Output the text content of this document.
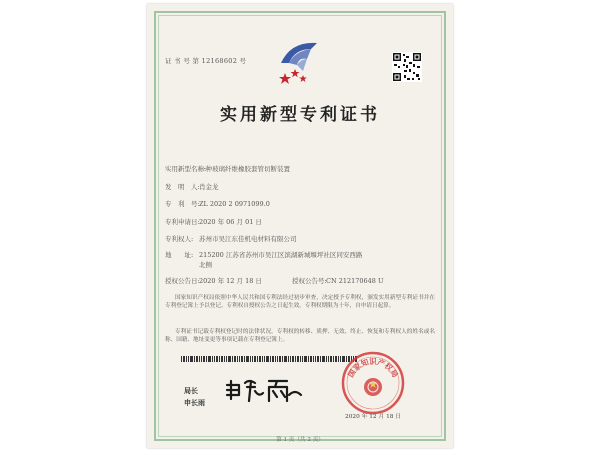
证 书 号 第 12168602 号
实用新型专利证书
实用新型名称:一种玻璃纤维橡胶套管切断装置
发　明　人:肖金龙
专　利　号:ZL 2020 2 0971099.0
专利申请日:2020 年 06 月 01 日
专利权人: 苏州市吴江东佳机电材料有限公司
地　　址: 215200 江苏省苏州市吴江区滨湖新城堰坪社区同安西路
北侧
授权公告日:2020 年 12 月 18 日	授权公告号:CN 212170648 U
国家知识产权局依照中华人民共和国专利法经过初步审查，决定授予专利权，颁发实用新型专利证书并在专利登记簿上予以登记。专利权自授权公告之日起生效。专利权期限为十年，自申请日起算。
专利证书记载专利权登记时的法律状况。专利权的转移、质押、无效、终止、恢复和专利权人的姓名或名称、国籍、地址变更等事项记载在专利登记簿上。
局长
申长雨
国家知识产权局
2020 年 12 月 18 日
第 1 页（共 2 页）
